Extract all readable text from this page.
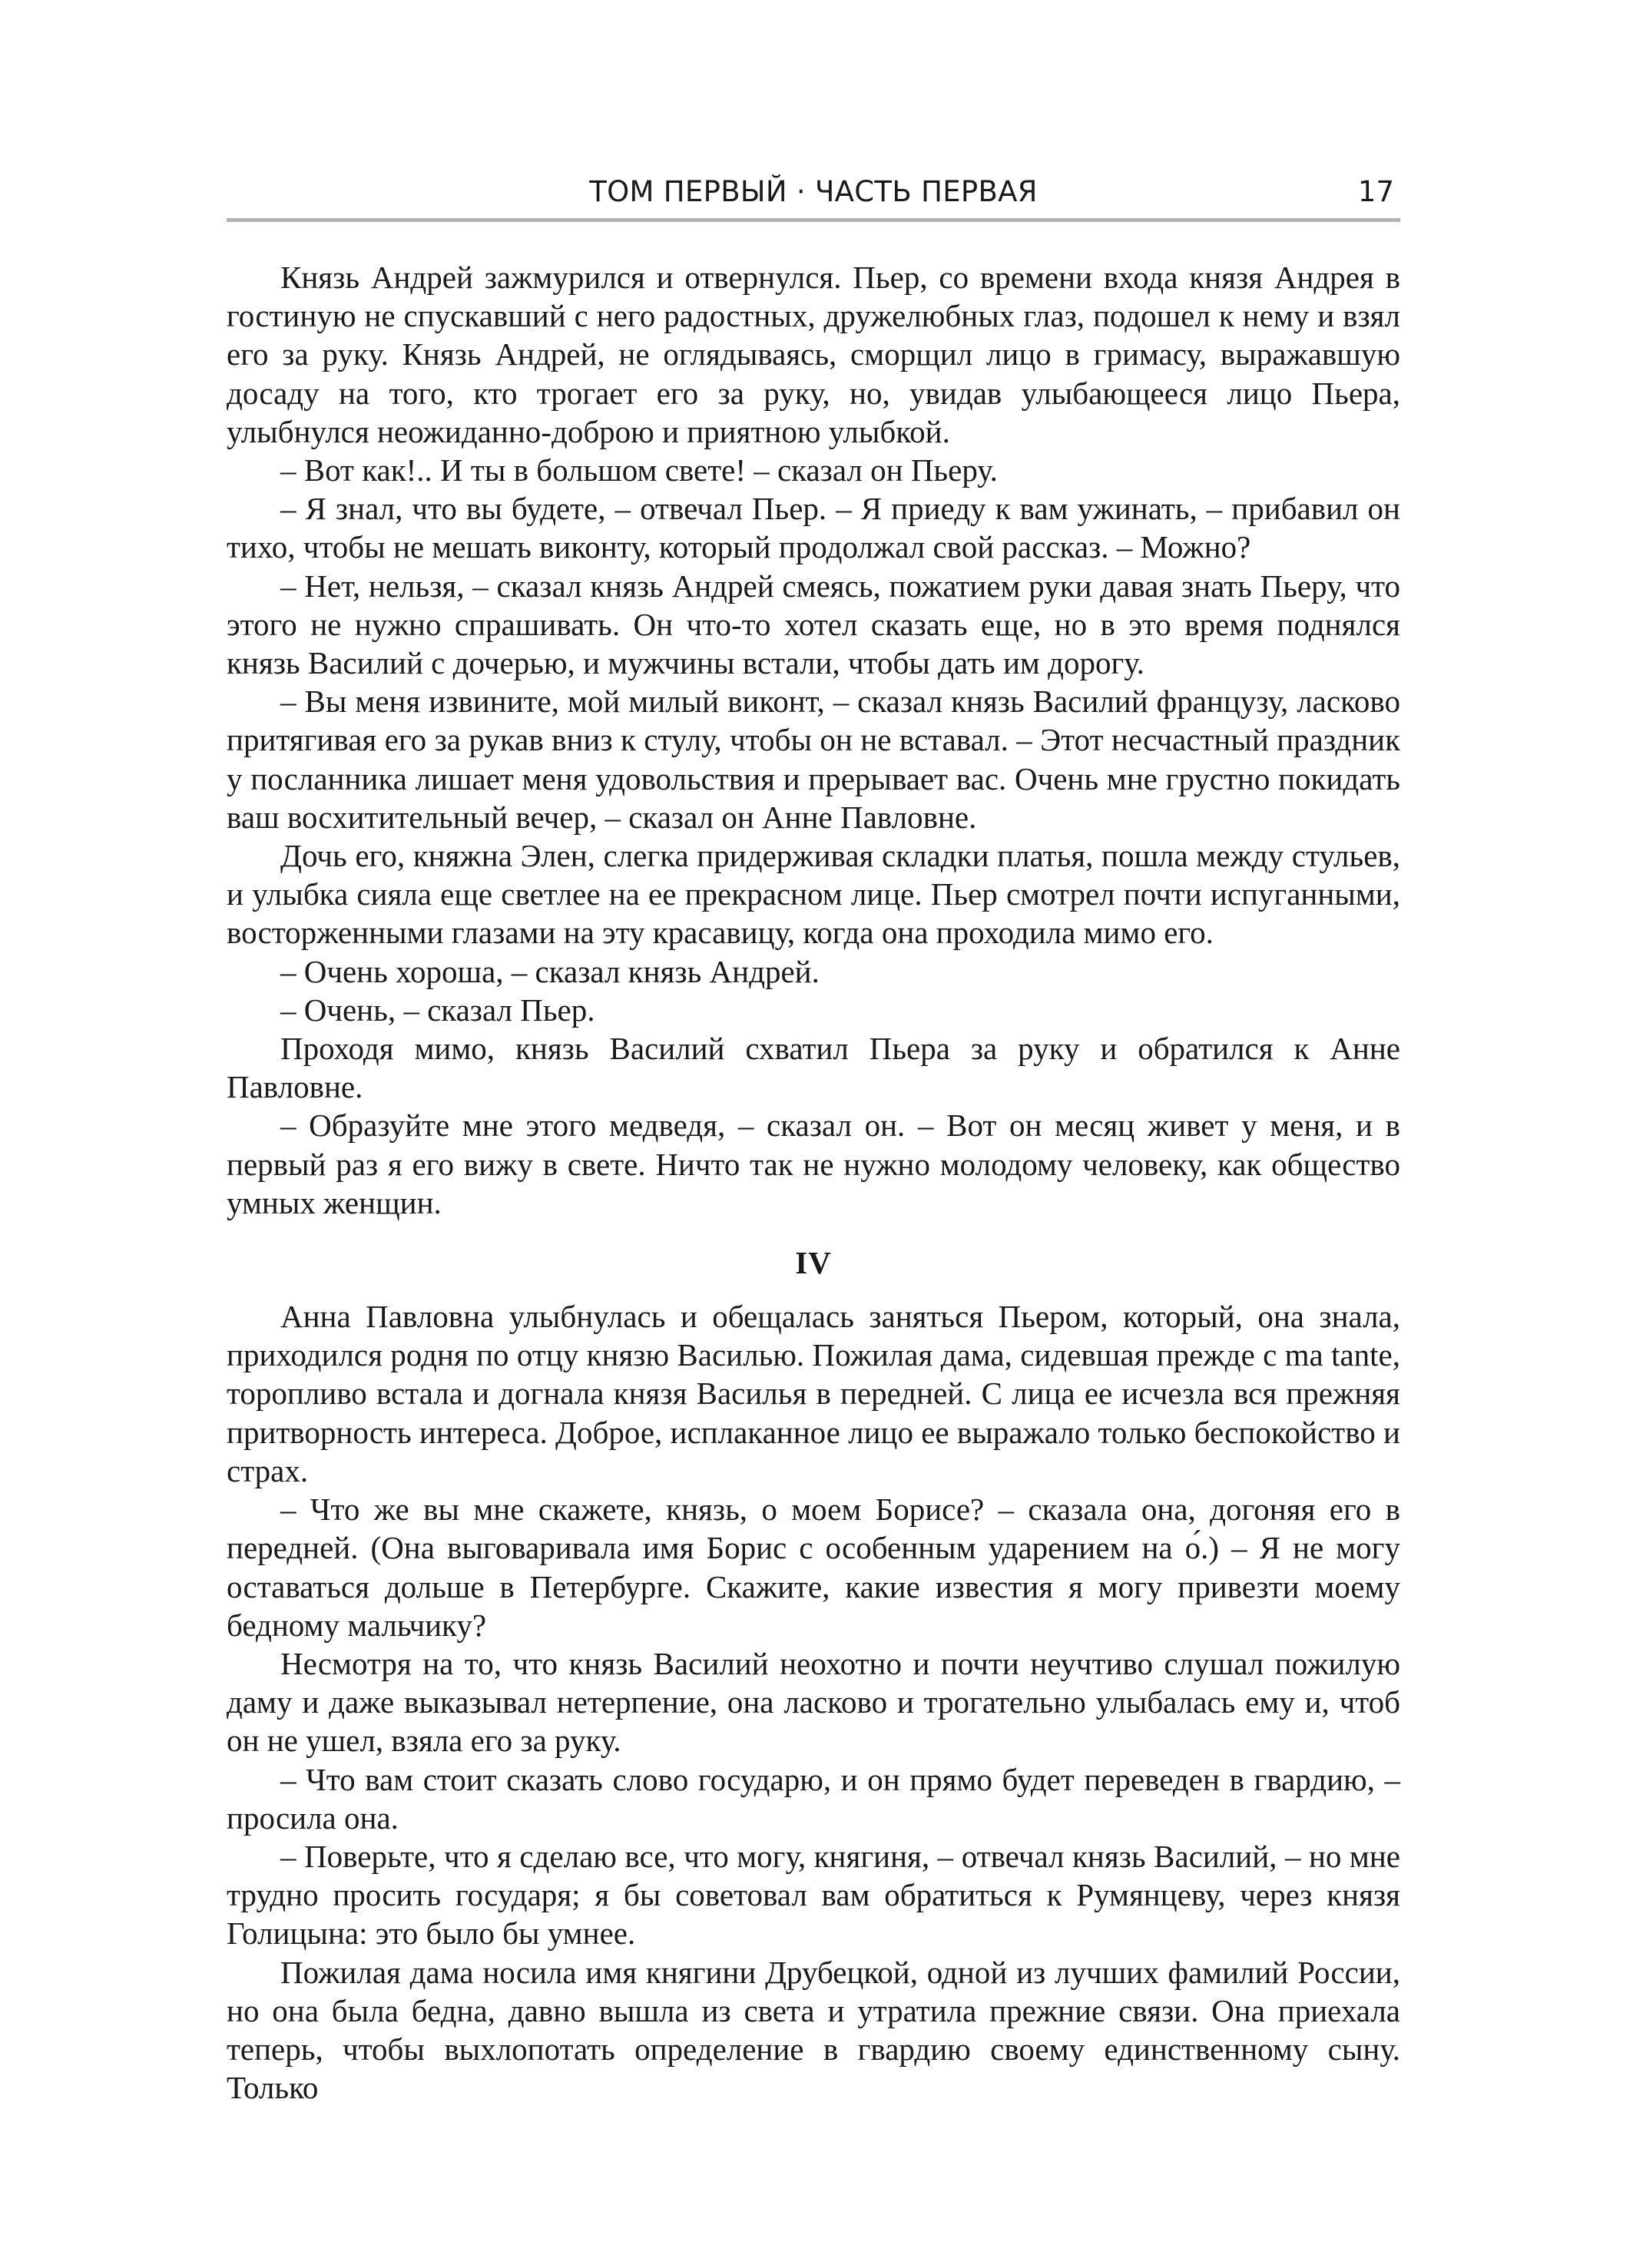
ТОМ ПЕРВЫЙ · ЧАСТЬ ПЕРВАЯ	17

Князь Андрей зажмурился и отвернулся. Пьер, со времени входа князя Андрея в гостиную не спускавший с него радостных, дружелюбных глаз, подошел к нему и взял его за руку. Князь Андрей, не оглядываясь, сморщил лицо в гримасу, выражавшую досаду на того, кто трогает его за руку, но, увидав улыбающееся лицо Пьера, улыбнулся неожиданно-доброю и приятною улыбкой.

– Вот как!.. И ты в большом свете! – сказал он Пьеру.

– Я знал, что вы будете, – отвечал Пьер. – Я приеду к вам ужинать, – прибавил он тихо, чтобы не мешать виконту, который продолжал свой рассказ. – Можно?

– Нет, нельзя, – сказал князь Андрей смеясь, пожатием руки давая знать Пьеру, что этого не нужно спрашивать. Он что-то хотел сказать еще, но в это время поднялся князь Василий с дочерью, и мужчины встали, чтобы дать им дорогу.

– Вы меня извините, мой милый виконт, – сказал князь Василий французу, ласково притягивая его за рукав вниз к стулу, чтобы он не вставал. – Этот несчастный праздник у посланника лишает меня удовольствия и прерывает вас. Очень мне грустно покидать ваш восхитительный вечер, – сказал он Анне Павловне.

Дочь его, княжна Элен, слегка придерживая складки платья, пошла между стульев, и улыбка сияла еще светлее на ее прекрасном лице. Пьер смотрел почти испуганными, восторженными глазами на эту красавицу, когда она проходила мимо его.

– Очень хороша, – сказал князь Андрей.

– Очень, – сказал Пьер.

Проходя мимо, князь Василий схватил Пьера за руку и обратился к Анне Павловне.

– Образуйте мне этого медведя, – сказал он. – Вот он месяц живет у меня, и в первый раз я его вижу в свете. Ничто так не нужно молодому человеку, как общество умных женщин.

IV

Анна Павловна улыбнулась и обещалась заняться Пьером, который, она знала, приходился родня по отцу князю Василью. Пожилая дама, сидевшая прежде с ma tante, торопливо встала и догнала князя Василья в передней. С лица ее исчезла вся прежняя притворность интереса. Доброе, исплаканное лицо ее выражало только беспокойство и страх.

– Что же вы мне скажете, князь, о моем Борисе? – сказала она, догоняя его в передней. (Она выговаривала имя Борис с особенным ударением на о́.) – Я не могу оставаться дольше в Петербурге. Скажите, какие известия я могу привезти моему бедному мальчику?

Несмотря на то, что князь Василий неохотно и почти неучтиво слушал пожилую даму и даже выказывал нетерпение, она ласково и трогательно улыбалась ему и, чтоб он не ушел, взяла его за руку.

– Что вам стоит сказать слово государю, и он прямо будет переведен в гвардию, – просила она.

– Поверьте, что я сделаю все, что могу, княгиня, – отвечал князь Василий, – но мне трудно просить государя; я бы советовал вам обратиться к Румянцеву, через князя Голицына: это было бы умнее.

Пожилая дама носила имя княгини Друбецкой, одной из лучших фамилий России, но она была бедна, давно вышла из света и утратила прежние связи. Она приехала теперь, чтобы выхлопотать определение в гвардию своему единственному сыну. Только
